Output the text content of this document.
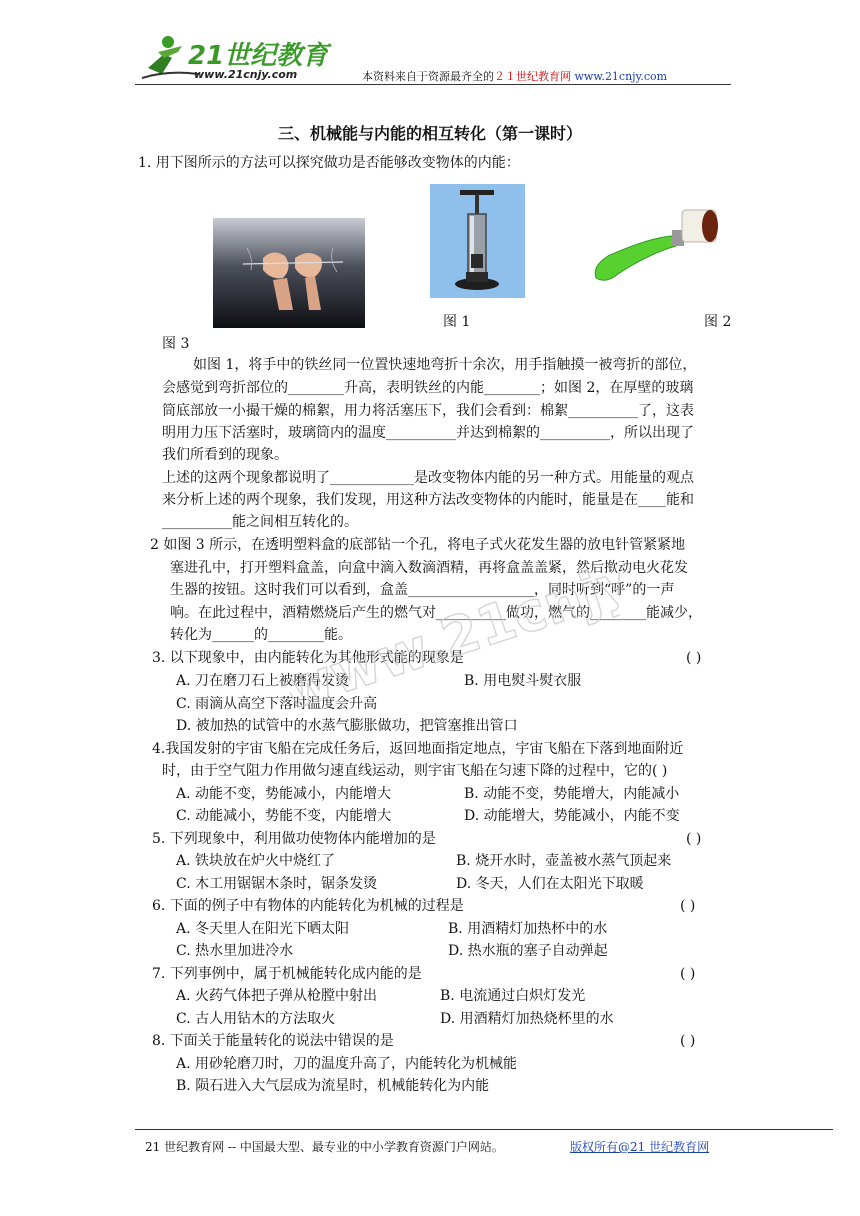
21世纪教育
www.21cnjy.com	本资料来自于资源最齐全的２１世纪教育网 www.21cnjy.com
三、机械能与内能的相互转化（第一课时）
1. 用下图所示的方法可以探究做功是否能够改变物体的内能：
图 1	图 2
图 3
如图 1，将手中的铁丝同一位置快速地弯折十余次，用手指触摸一被弯折的部位，
会感觉到弯折部位的________升高，表明铁丝的内能________；如图 2，在厚壁的玻璃
筒底部放一小撮干燥的棉絮，用力将活塞压下，我们会看到：棉絮__________了，这表
明用力压下活塞时，玻璃筒内的温度__________并达到棉絮的__________，所以出现了
我们所看到的现象。
上述的这两个现象都说明了____________是改变物体内能的另一种方式。用能量的观点
来分析上述的两个现象，我们发现，用这种方法改变物体的内能时，能量是在____能和
__________能之间相互转化的。
2 如图 3 所示，在透明塑料盒的底部钻一个孔，将电子式火花发生器的放电针管紧紧地
塞进孔中，打开塑料盒盖，向盒中滴入数滴酒精，再将盒盖盖紧，然后揿动电火花发
生器的按钮。这时我们可以看到，盒盖__________________，同时听到“呼”的一声
响。在此过程中，酒精燃烧后产生的燃气对__________做功，燃气的________能减少，
转化为______的________能。
3. 以下现象中，由内能转化为其他形式能的现象是	( )
A. 刀在磨刀石上被磨得发烫	B. 用电熨斗熨衣服
C. 雨滴从高空下落时温度会升高
D. 被加热的试管中的水蒸气膨胀做功，把管塞推出管口
4.我国发射的宇宙飞船在完成任务后，返回地面指定地点，宇宙飞船在下落到地面附近
时，由于空气阻力作用做匀速直线运动，则宇宙飞船在匀速下降的过程中，它的( )
A. 动能不变，势能减小，内能增大	B. 动能不变，势能增大，内能减小
C. 动能减小，势能不变，内能增大	D. 动能增大，势能减小，内能不变
5. 下列现象中，利用做功使物体内能增加的是	( )
A. 铁块放在炉火中烧红了	B. 烧开水时，壶盖被水蒸气顶起来
C. 木工用锯锯木条时，锯条发烫	D. 冬天，人们在太阳光下取暖
6. 下面的例子中有物体的内能转化为机械的过程是	( )
A. 冬天里人在阳光下晒太阳	B. 用酒精灯加热杯中的水
C. 热水里加进冷水	D. 热水瓶的塞子自动弹起
7. 下列事例中，属于机械能转化成内能的是	( )
A. 火药气体把子弹从枪膛中射出	B. 电流通过白炽灯发光
C. 古人用钻木的方法取火	D. 用酒精灯加热烧杯里的水
8. 下面关于能量转化的说法中错误的是	( )
A. 用砂轮磨刀时，刀的温度升高了，内能转化为机械能
B. 陨石进入大气层成为流星时，机械能转化为内能
www.21cnjy.com
21 世纪教育网 -- 中国最大型、最专业的中小学教育资源门户网站。	版权所有@21 世纪教育网
